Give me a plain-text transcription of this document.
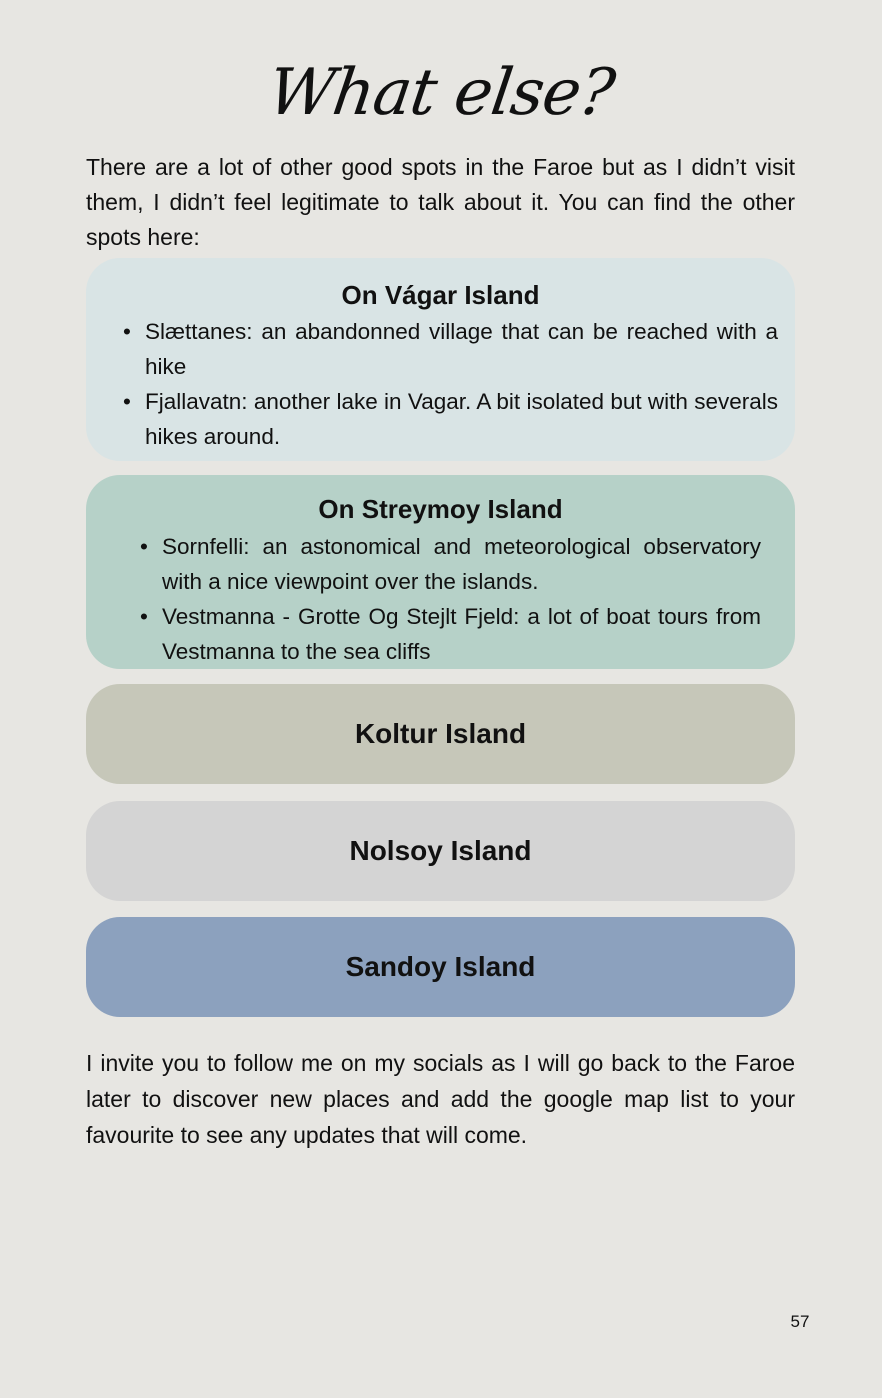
What else?

There are a lot of other good spots in the Faroe but as I didn’t visit them, I didn’t feel legitimate to talk about it. You can find the other spots here:

On Vágar Island
• Slættanes: an abandonned village that can be reached with a hike
• Fjallavatn: another lake in Vagar. A bit isolated but with severals hikes around.
On Streymoy Island
• Sornfelli: an astonomical and meteorological observatory with a nice viewpoint over the islands.
• Vestmanna - Grotte Og Stejlt Fjeld: a lot of boat tours from Vestmanna to the sea cliffs
Koltur Island
Nolsoy Island
Sandoy Island

I invite you to follow me on my socials as I will go back to the Faroe later to discover new places and add the google map list to your favourite to see any updates that will come.

57
